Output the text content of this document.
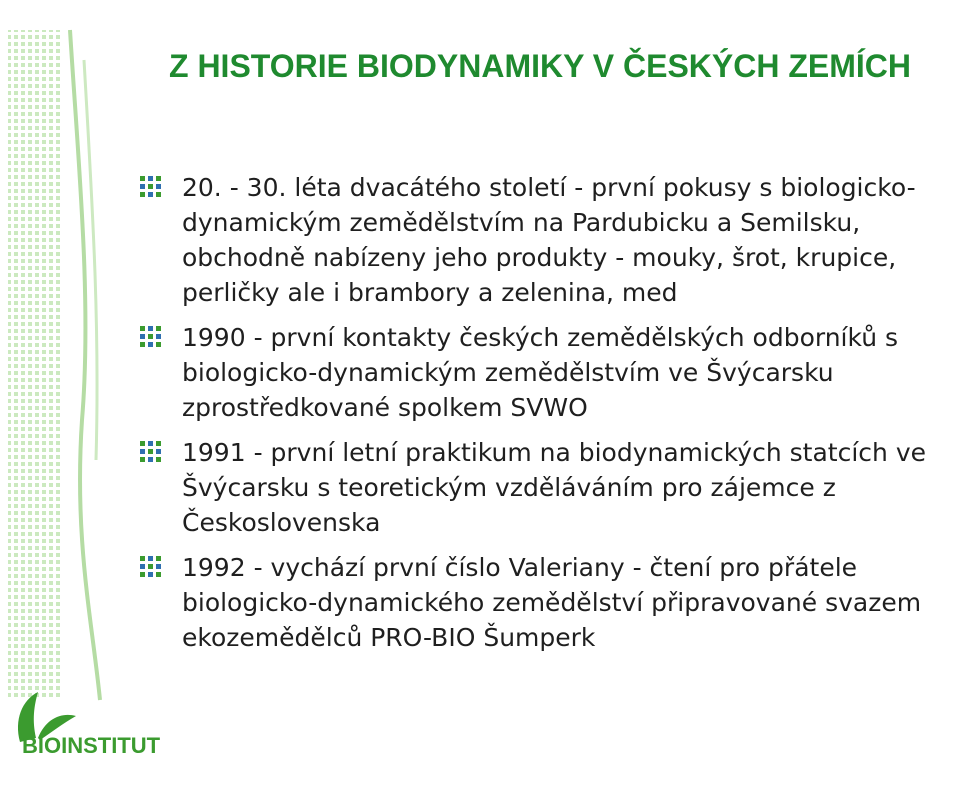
BIOINSTITUT
Z HISTORIE BIODYNAMIKY V ČESKÝCH ZEMÍCH
20. - 30. léta dvacátého století - první pokusy s biologicko-dynamickým zemědělstvím na Pardubicku a Semilsku, obchodně nabízeny jeho produkty - mouky, šrot, krupice, perličky ale i brambory a zelenina, med
1990 - první kontakty českých zemědělských odborníků s biologicko-dynamickým zemědělstvím ve Švýcarsku zprostředkované spolkem SVWO
1991 - první letní praktikum na biodynamických statcích ve Švýcarsku s teoretickým vzděláváním pro zájemce z Československa
1992 - vychází první číslo Valeriany - čtení pro přátele biologicko-dynamického zemědělství připravované svazem ekozemědělců PRO-BIO Šumperk
